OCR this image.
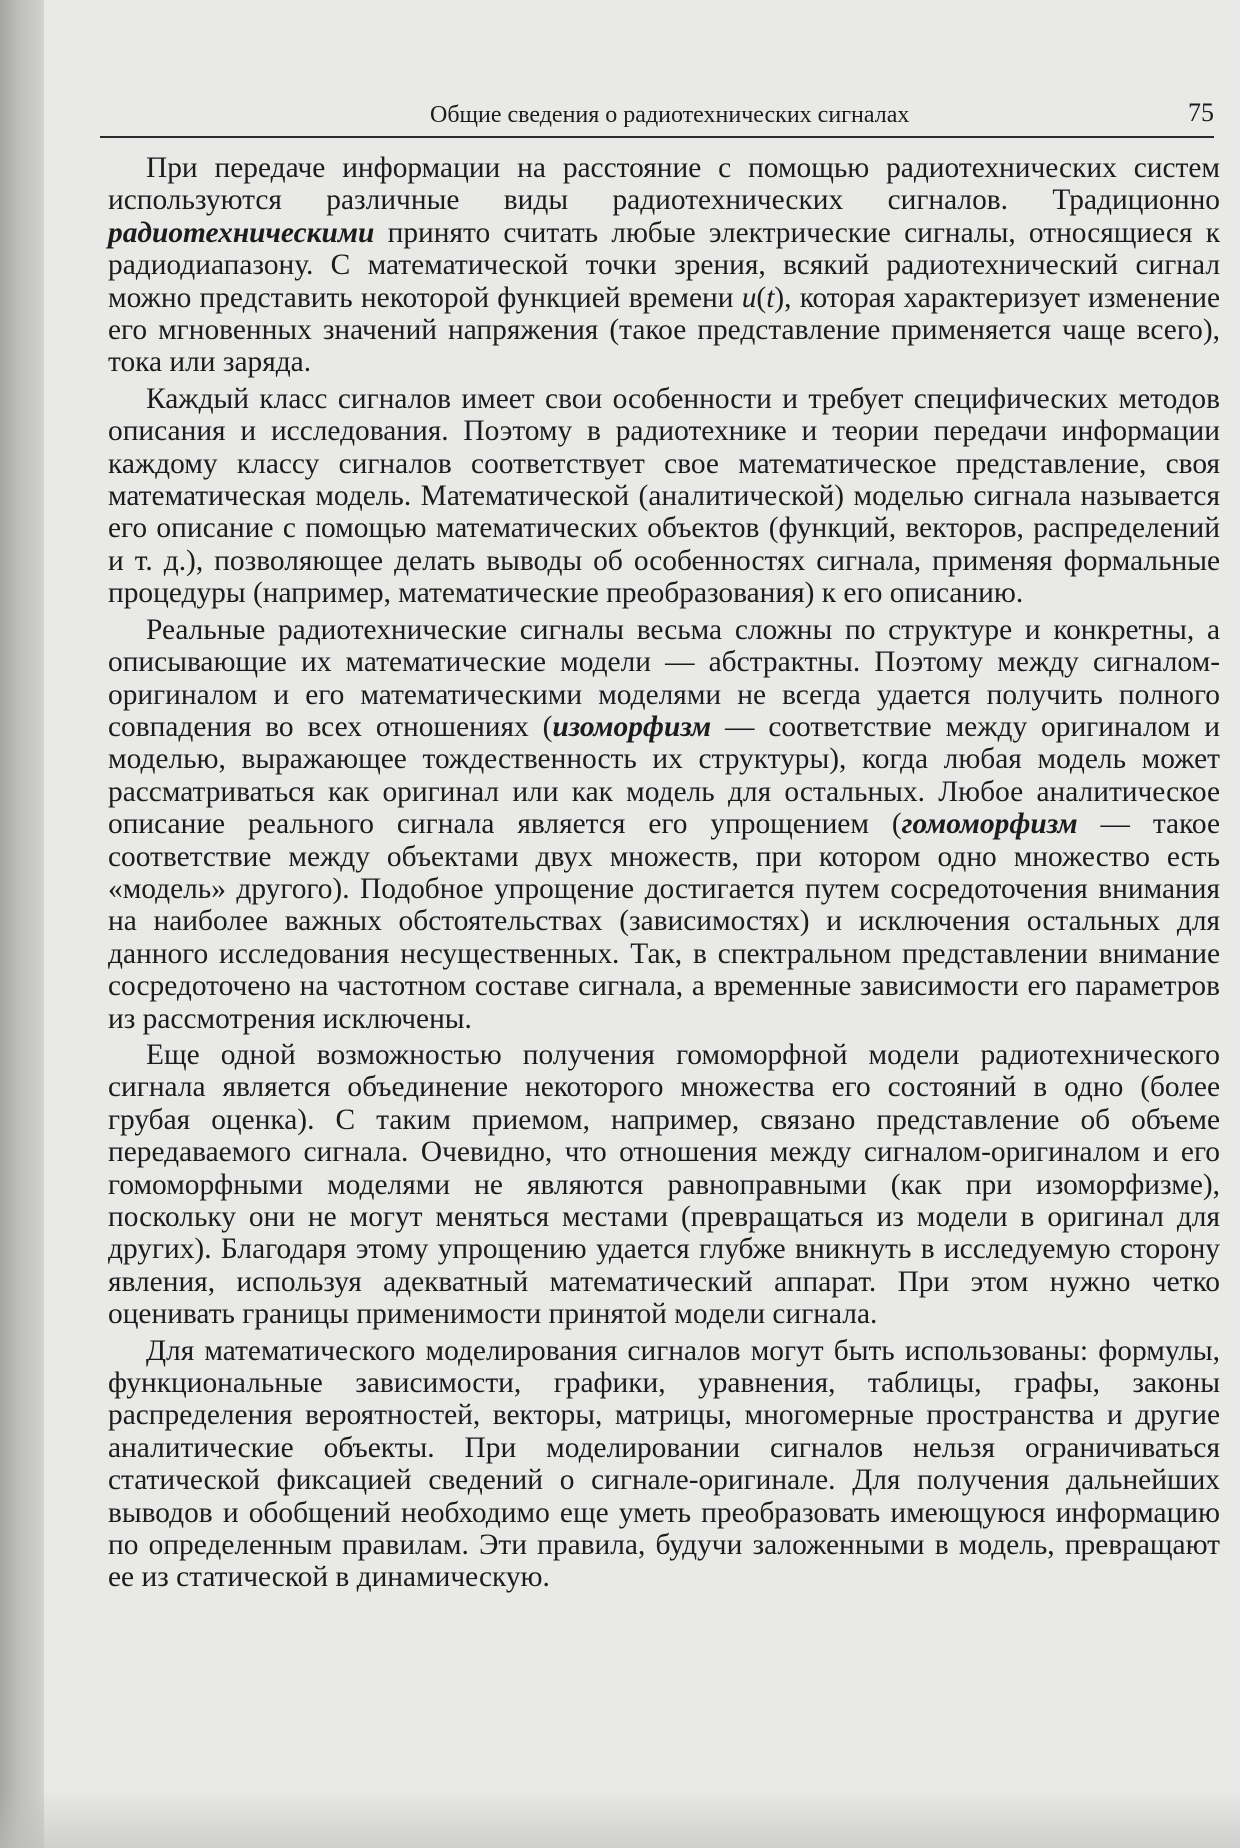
Общие сведения о радиотехнических сигналах	75

При передаче информации на расстояние с помощью радиотехнических систем используются различные виды радиотехнических сигналов. Традиционно радиотехническими принято считать любые электрические сигналы, относящиеся к радиодиапазону. С математической точки зрения, всякий радиотехнический сигнал можно представить некоторой функцией времени u(t), которая характеризует изменение его мгновенных значений напряжения (такое представление применяется чаще всего), тока или заряда.

Каждый класс сигналов имеет свои особенности и требует специфических методов описания и исследования. Поэтому в радиотехнике и теории передачи информации каждому классу сигналов соответствует свое математическое представление, своя математическая модель. Математической (аналитической) моделью сигнала называется его описание с помощью математических объектов (функций, векторов, распределений и т. д.), позволяющее делать выводы об особенностях сигнала, применяя формальные процедуры (например, математические преобразования) к его описанию.

Реальные радиотехнические сигналы весьма сложны по структуре и конкретны, а описывающие их математические модели — абстрактны. Поэтому между сигналом-оригиналом и его математическими моделями не всегда удается получить полного совпадения во всех отношениях (изоморфизм — соответствие между оригиналом и моделью, выражающее тождественность их структуры), когда любая модель может рассматриваться как оригинал или как модель для остальных. Любое аналитическое описание реального сигнала является его упрощением (гомоморфизм — такое соответствие между объектами двух множеств, при котором одно множество есть «модель» другого). Подобное упрощение достигается путем сосредоточения внимания на наиболее важных обстоятельствах (зависимостях) и исключения остальных для данного исследования несущественных. Так, в спектральном представлении внимание сосредоточено на частотном составе сигнала, а временные зависимости его параметров из рассмотрения исключены.

Еще одной возможностью получения гомоморфной модели радиотехнического сигнала является объединение некоторого множества его состояний в одно (более грубая оценка). С таким приемом, например, связано представление об объеме передаваемого сигнала. Очевидно, что отношения между сигналом-оригиналом и его гомоморфными моделями не являются равноправными (как при изоморфизме), поскольку они не могут меняться местами (превращаться из модели в оригинал для других). Благодаря этому упрощению удается глубже вникнуть в исследуемую сторону явления, используя адекватный математический аппарат. При этом нужно четко оценивать границы применимости принятой модели сигнала.

Для математического моделирования сигналов могут быть использованы: формулы, функциональные зависимости, графики, уравнения, таблицы, графы, законы распределения вероятностей, векторы, матрицы, многомерные пространства и другие аналитические объекты. При моделировании сигналов нельзя ограничиваться статической фиксацией сведений о сигнале-оригинале. Для получения дальнейших выводов и обобщений необходимо еще уметь преобразовать имеющуюся информацию по определенным правилам. Эти правила, будучи заложенными в модель, превращают ее из статической в динамическую.
